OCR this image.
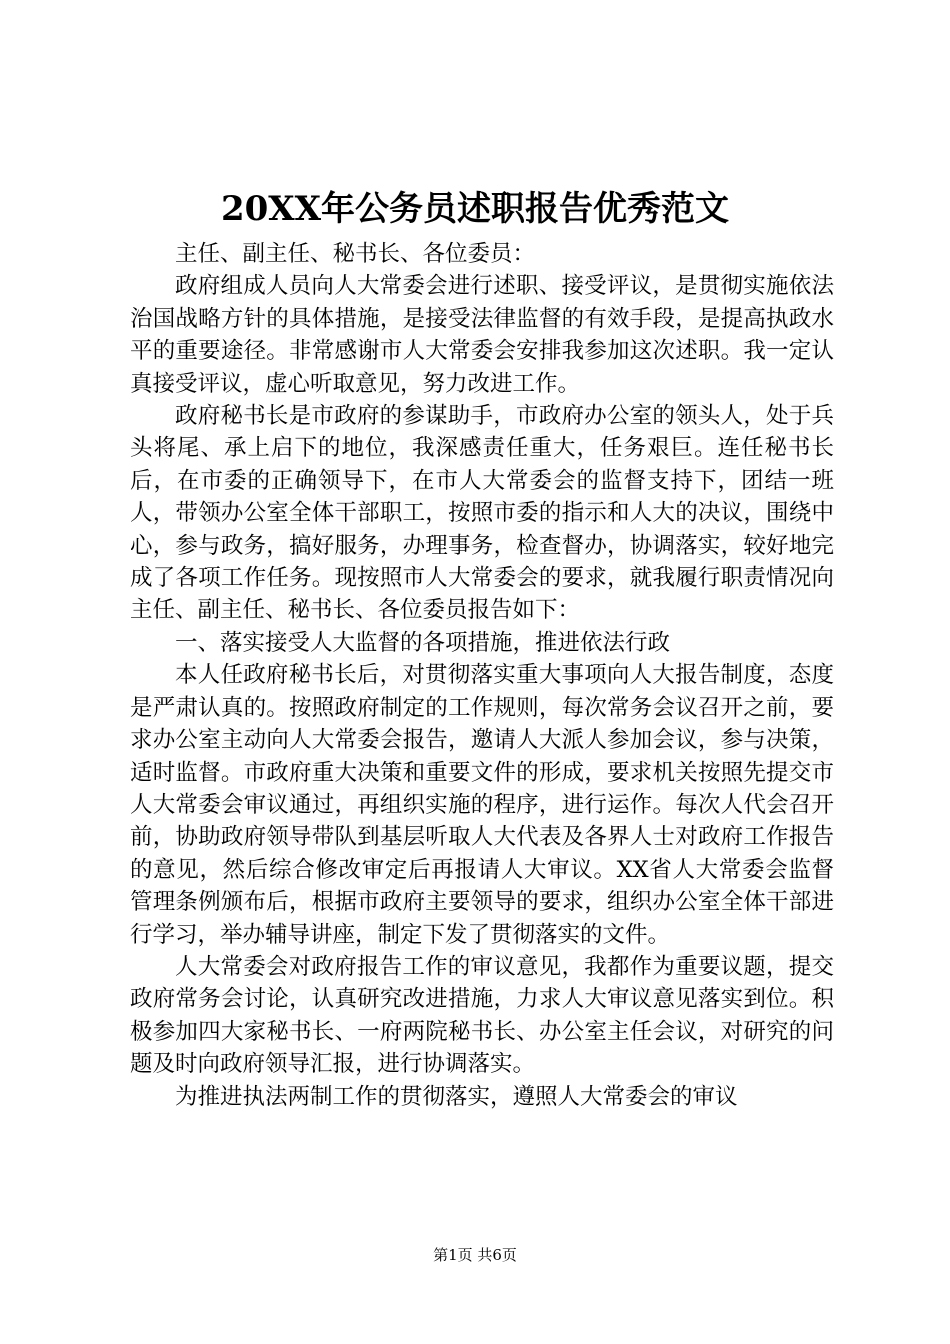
20XX年公务员述职报告优秀范文

主任、副主任、秘书长、各位委员：

政府组成人员向人大常委会进行述职、接受评议，是贯彻实施依法治国战略方针的具体措施，是接受法律监督的有效手段，是提高执政水平的重要途径。非常感谢市人大常委会安排我参加这次述职。我一定认真接受评议，虚心听取意见，努力改进工作。

政府秘书长是市政府的参谋助手，市政府办公室的领头人，处于兵头将尾、承上启下的地位，我深感责任重大，任务艰巨。连任秘书长后，在市委的正确领导下，在市人大常委会的监督支持下，团结一班人，带领办公室全体干部职工，按照市委的指示和人大的决议，围绕中心，参与政务，搞好服务，办理事务，检查督办，协调落实，较好地完成了各项工作任务。现按照市人大常委会的要求，就我履行职责情况向主任、副主任、秘书长、各位委员报告如下：

一、落实接受人大监督的各项措施，推进依法行政

本人任政府秘书长后，对贯彻落实重大事项向人大报告制度，态度是严肃认真的。按照政府制定的工作规则，每次常务会议召开之前，要求办公室主动向人大常委会报告，邀请人大派人参加会议，参与决策，适时监督。市政府重大决策和重要文件的形成，要求机关按照先提交市人大常委会审议通过，再组织实施的程序，进行运作。每次人代会召开前，协助政府领导带队到基层听取人大代表及各界人士对政府工作报告的意见，然后综合修改审定后再报请人大审议。XX省人大常委会监督管理条例颁布后，根据市政府主要领导的要求，组织办公室全体干部进行学习，举办辅导讲座，制定下发了贯彻落实的文件。

人大常委会对政府报告工作的审议意见，我都作为重要议题，提交政府常务会讨论，认真研究改进措施，力求人大审议意见落实到位。积极参加四大家秘书长、一府两院秘书长、办公室主任会议，对研究的问题及时向政府领导汇报，进行协调落实。

为推进执法两制工作的贯彻落实，遵照人大常委会的审议

第1页 共6页
